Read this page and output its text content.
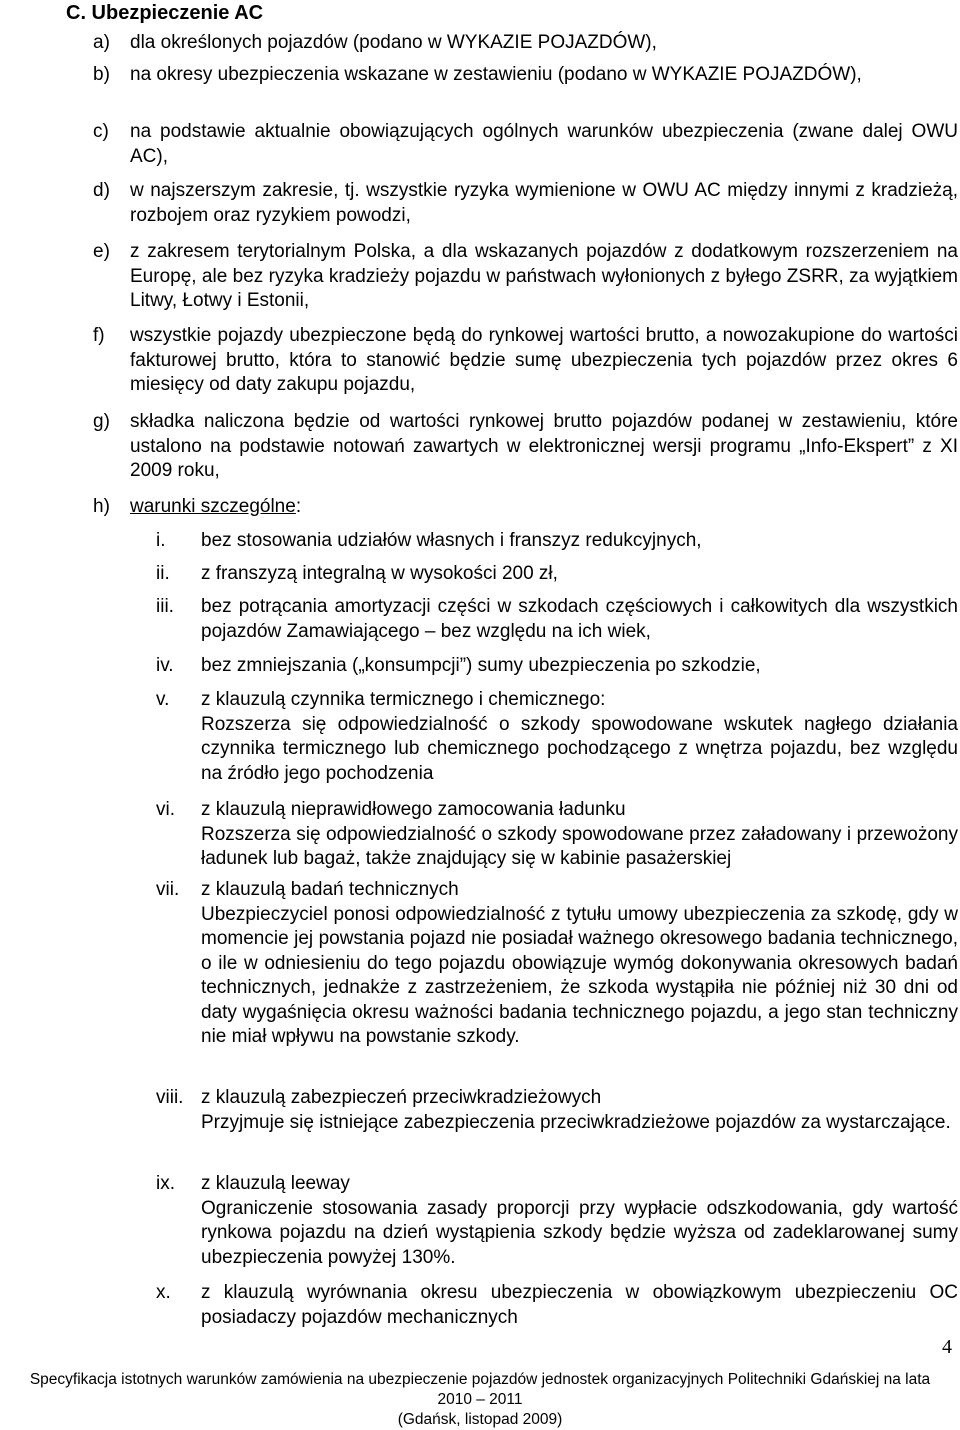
C. Ubezpieczenie AC
a) dla określonych pojazdów (podano w WYKAZIE POJAZDÓW),
b) na okresy ubezpieczenia wskazane w zestawieniu (podano w WYKAZIE POJAZDÓW),
c) na podstawie aktualnie obowiązujących ogólnych warunków ubezpieczenia (zwane dalej OWU AC),
d) w najszerszym zakresie, tj. wszystkie ryzyka wymienione w OWU AC między innymi z kradzieżą, rozbojem oraz ryzykiem powodzi,
e) z zakresem terytorialnym Polska, a dla wskazanych pojazdów z dodatkowym rozszerzeniem na Europę, ale bez ryzyka kradzieży pojazdu w państwach wyłonionych z byłego ZSRR, za wyjątkiem Litwy, Łotwy i Estonii,
f) wszystkie pojazdy ubezpieczone będą do rynkowej wartości brutto, a nowozakupione do wartości fakturowej brutto, która to stanowić będzie sumę ubezpieczenia tych pojazdów przez okres 6 miesięcy od daty zakupu pojazdu,
g) składka naliczona będzie od wartości rynkowej brutto pojazdów podanej w zestawieniu, które ustalono na podstawie notowań zawartych w elektronicznej wersji programu „Info-Ekspert” z XI 2009 roku,
h) warunki szczególne:
i.	bez stosowania udziałów własnych i franszyz redukcyjnych,
ii.	z franszyzą integralną w wysokości 200 zł,
iii.	bez potrącania amortyzacji części w szkodach częściowych i całkowitych dla wszystkich pojazdów Zamawiającego – bez względu na ich wiek,
iv.	bez zmniejszania („konsumpcji”) sumy ubezpieczenia po szkodzie,
v.	z klauzulą czynnika termicznego i chemicznego:
Rozszerza się odpowiedzialność o szkody spowodowane wskutek nagłego działania czynnika termicznego lub chemicznego pochodzącego z wnętrza pojazdu, bez względu na źródło jego pochodzenia
vi.	z klauzulą nieprawidłowego zamocowania ładunku
Rozszerza się odpowiedzialność o szkody spowodowane przez załadowany i przewożony ładunek lub bagaż, także znajdujący się w kabinie pasażerskiej
vii.	z klauzulą badań technicznych
Ubezpieczyciel ponosi odpowiedzialność z tytułu umowy ubezpieczenia za szkodę, gdy w momencie jej powstania pojazd nie posiadał ważnego okresowego badania technicznego, o ile w odniesieniu do tego pojazdu obowiązuje wymóg dokonywania okresowych badań technicznych, jednakże z zastrzeżeniem, że szkoda wystąpiła nie później niż 30 dni od daty wygaśnięcia okresu ważności badania technicznego pojazdu, a jego stan techniczny nie miał wpływu na powstanie szkody.
viii. z klauzulą zabezpieczeń przeciwkradzieżowych
Przyjmuje się istniejące zabezpieczenia przeciwkradzieżowe pojazdów za wystarczające.
ix.	z klauzulą leeway
Ograniczenie stosowania zasady proporcji przy wypłacie odszkodowania, gdy wartość rynkowa pojazdu na dzień wystąpienia szkody będzie wyższa od zadeklarowanej sumy ubezpieczenia powyżej 130%.
x.	z klauzulą wyrównania okresu ubezpieczenia w obowiązkowym ubezpieczeniu OC posiadaczy pojazdów mechanicznych
4
Specyfikacja istotnych warunków zamówienia na ubezpieczenie pojazdów jednostek organizacyjnych Politechniki Gdańskiej na lata
2010 – 2011
(Gdańsk, listopad 2009)
